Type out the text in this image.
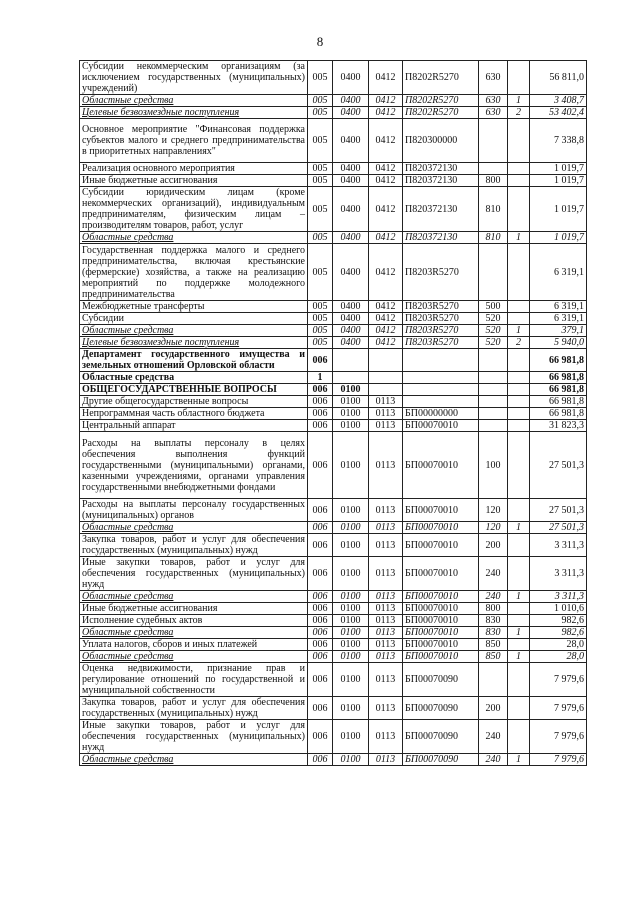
8
Субсидии некоммерческим организациям (за исключением государственных (муниципальных) учреждений)	005	0400	0412	П8202R5270	630		56 811,0
Областные средства	005	0400	0412	П8202R5270	630	1	3 408,7
Целевые безвозмездные поступления	005	0400	0412	П8202R5270	630	2	53 402,4
Основное мероприятие "Финансовая поддержка субъектов малого и среднего предпринимательства в приоритетных направлениях"	005	0400	0412	П820300000			7 338,8
Реализация основного мероприятия	005	0400	0412	П820372130			1 019,7
Иные бюджетные ассигнования	005	0400	0412	П820372130	800		1 019,7
Субсидии юридическим лицам (кроме некоммерческих организаций), индивидуальным предпринимателям, физическим лицам – производителям товаров, работ, услуг	005	0400	0412	П820372130	810		1 019,7
Областные средства	005	0400	0412	П820372130	810	1	1 019,7
Государственная поддержка малого и среднего предпринимательства, включая крестьянские (фермерские) хозяйства, а также на реализацию мероприятий по поддержке молодежного предпринимательства	005	0400	0412	П8203R5270			6 319,1
Межбюджетные трансферты	005	0400	0412	П8203R5270	500		6 319,1
Субсидии	005	0400	0412	П8203R5270	520		6 319,1
Областные средства	005	0400	0412	П8203R5270	520	1	379,1
Целевые безвозмездные поступления	005	0400	0412	П8203R5270	520	2	5 940,0
Департамент государственного имущества и земельных отношений Орловской области	006						66 981,8
Областные средства	1						66 981,8
ОБЩЕГОСУДАРСТВЕННЫЕ ВОПРОСЫ	006	0100					66 981,8
Другие общегосударственные вопросы	006	0100	0113				66 981,8
Непрограммная часть областного бюджета	006	0100	0113	БП00000000			66 981,8
Центральный аппарат	006	0100	0113	БП00070010			31 823,3
Расходы на выплаты персоналу в целях обеспечения выполнения функций государственными (муниципальными) органами, казенными учреждениями, органами управления государственными внебюджетными фондами	006	0100	0113	БП00070010	100		27 501,3
Расходы на выплаты персоналу государственных (муниципальных) органов	006	0100	0113	БП00070010	120		27 501,3
Областные средства	006	0100	0113	БП00070010	120	1	27 501,3
Закупка товаров, работ и услуг для обеспечения государственных (муниципальных) нужд	006	0100	0113	БП00070010	200		3 311,3
Иные закупки товаров, работ и услуг для обеспечения государственных (муниципальных) нужд	006	0100	0113	БП00070010	240		3 311,3
Областные средства	006	0100	0113	БП00070010	240	1	3 311,3
Иные бюджетные ассигнования	006	0100	0113	БП00070010	800		1 010,6
Исполнение судебных актов	006	0100	0113	БП00070010	830		982,6
Областные средства	006	0100	0113	БП00070010	830	1	982,6
Уплата налогов, сборов и иных платежей	006	0100	0113	БП00070010	850		28,0
Областные средства	006	0100	0113	БП00070010	850	1	28,0
Оценка недвижимости, признание прав и регулирование отношений по государственной и муниципальной собственности	006	0100	0113	БП00070090			7 979,6
Закупка товаров, работ и услуг для обеспечения государственных (муниципальных) нужд	006	0100	0113	БП00070090	200		7 979,6
Иные закупки товаров, работ и услуг для обеспечения государственных (муниципальных) нужд	006	0100	0113	БП00070090	240		7 979,6
Областные средства	006	0100	0113	БП00070090	240	1	7 979,6
